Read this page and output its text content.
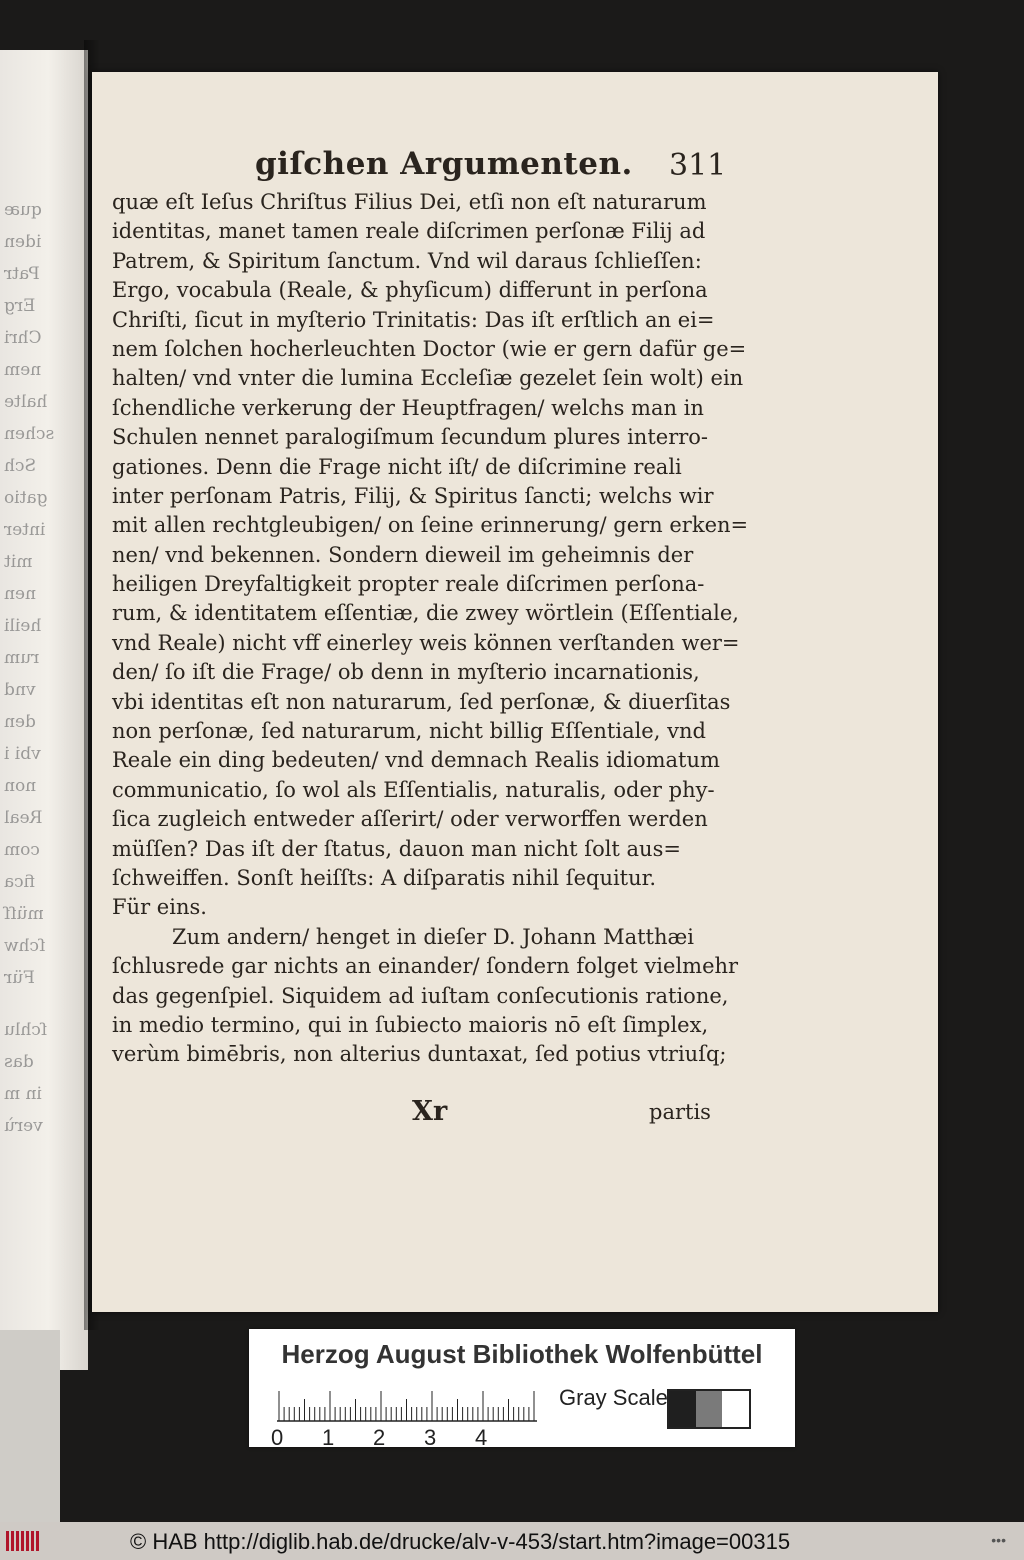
quæ
iden
Patr
Erg
Chri
nem
halte
schen
Sch
gatio
inter
mit
nen
heili
rum
vnd
den
vbi i
non
Real
com
fica
müſſ
ſchw
Für
ſchlu
das
in m
verù
giſchen Argumenten. 311
quæ eſt Ieſus Chriſtus Filius Dei, etſi non eſt naturarum
identitas, manet tamen reale diſcrimen perſonæ Filij ad
Patrem, & Spiritum ſanctum. Vnd wil daraus ſchlieſſen:
Ergo, vocabula (Reale, & phyſicum) differunt in perſona
Chriſti, ſicut in myſterio Trinitatis: Das iſt erſtlich an ei=
nem ſolchen hocherleuchten Doctor (wie er gern dafür ge=
halten/ vnd vnter die lumina Eccleſiæ gezelet ſein wolt) ein
ſchendliche verkerung der Heuptfragen/ welchs man in
Schulen nennet paralogiſmum ſecundum plures interro-
gationes. Denn die Frage nicht iſt/ de diſcrimine reali
inter perſonam Patris, Filij, & Spiritus ſancti; welchs wir
mit allen rechtgleubigen/ on ſeine erinnerung/ gern erken=
nen/ vnd bekennen. Sondern dieweil im geheimnis der
heiligen Dreyfaltigkeit propter reale diſcrimen perſona-
rum, & identitatem eſſentiæ, die zwey wörtlein (Eſſentiale,
vnd Reale) nicht vff einerley weis können verſtanden wer=
den/ ſo iſt die Frage/ ob denn in myſterio incarnationis,
vbi identitas eſt non naturarum, ſed perſonæ, & diuerſitas
non perſonæ, ſed naturarum, nicht billig Eſſentiale, vnd
Reale ein ding bedeuten/ vnd demnach Realis idiomatum
communicatio, ſo wol als Eſſentialis, naturalis, oder phy-
ſica zugleich entweder aſſerirt/ oder verworffen werden
müſſen? Das iſt der ſtatus, dauon man nicht ſolt aus=
ſchweiffen. Sonſt heiſſts: A diſparatis nihil ſequitur.
Für eins.
Zum andern/ henget in dieſer D. Johann Matthæi
ſchlusrede gar nichts an einander/ ſondern folget vielmehr
das gegenſpiel. Siquidem ad iuſtam conſecutionis ratione,
in medio termino, qui in ſubiecto maioris nō eſt ſimplex,
verùm bimēbris, non alterius duntaxat, ſed potius vtriuſq;
Xr	partis
Herzog August Bibliothek Wolfenbüttel
Gray Scale
0 1 2 3 4
© HAB http://diglib.hab.de/drucke/alv-v-453/start.htm?image=00315	•••
